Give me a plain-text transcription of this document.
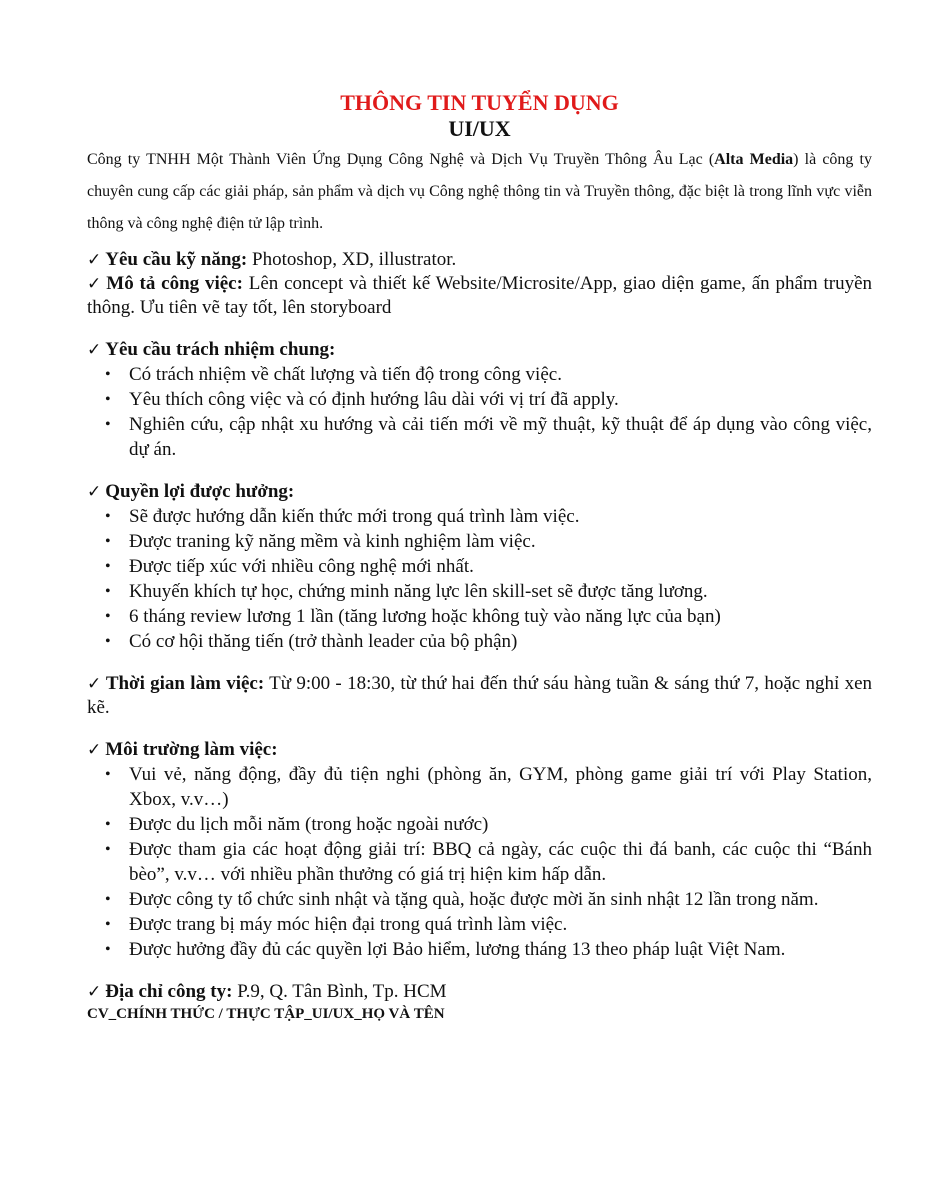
THÔNG TIN TUYỂN DỤNG

UI/UX

Công ty TNHH Một Thành Viên Ứng Dụng Công Nghệ và Dịch Vụ Truyền Thông Âu Lạc (Alta Media) là công ty chuyên cung cấp các giải pháp, sản phẩm và dịch vụ Công nghệ thông tin và Truyền thông, đặc biệt là trong lĩnh vực viễn thông và công nghệ điện tử lập trình.

✓ Yêu cầu kỹ năng: Photoshop, XD, illustrator.

✓ Mô tả công việc: Lên concept và thiết kế Website/Microsite/App, giao diện game, ấn phẩm truyền thông. Ưu tiên vẽ tay tốt, lên storyboard

✓ Yêu cầu trách nhiệm chung:

• Có trách nhiệm về chất lượng và tiến độ trong công việc.
• Yêu thích công việc và có định hướng lâu dài với vị trí đã apply.
• Nghiên cứu, cập nhật xu hướng và cải tiến mới về mỹ thuật, kỹ thuật để áp dụng vào công việc, dự án.

✓ Quyền lợi được hưởng:

• Sẽ được hướng dẫn kiến thức mới trong quá trình làm việc.
• Được traning kỹ năng mềm và kinh nghiệm làm việc.
• Được tiếp xúc với nhiều công nghệ mới nhất.
• Khuyến khích tự học, chứng minh năng lực lên skill-set sẽ được tăng lương.
• 6 tháng review lương 1 lần (tăng lương hoặc không tuỳ vào năng lực của bạn)
• Có cơ hội thăng tiến (trở thành leader của bộ phận)

✓ Thời gian làm việc: Từ 9:00 - 18:30, từ thứ hai đến thứ sáu hàng tuần & sáng thứ 7, hoặc nghỉ xen kẽ.

✓ Môi trường làm việc:

• Vui vẻ, năng động, đầy đủ tiện nghi (phòng ăn, GYM, phòng game giải trí với Play Station, Xbox, v.v…)
• Được du lịch mỗi năm (trong hoặc ngoài nước)
• Được tham gia các hoạt động giải trí: BBQ cả ngày, các cuộc thi đá banh, các cuộc thi “Bánh bèo”, v.v… với nhiều phần thưởng có giá trị hiện kim hấp dẫn.
• Được công ty tổ chức sinh nhật và tặng quà, hoặc được mời ăn sinh nhật 12 lần trong năm.
• Được trang bị máy móc hiện đại trong quá trình làm việc.
• Được hưởng đầy đủ các quyền lợi Bảo hiểm, lương tháng 13 theo pháp luật Việt Nam.

✓ Địa chỉ công ty: P.9, Q. Tân Bình, Tp. HCM

CV_CHÍNH THỨC / THỰC TẬP_UI/UX_HỌ VÀ TÊN
